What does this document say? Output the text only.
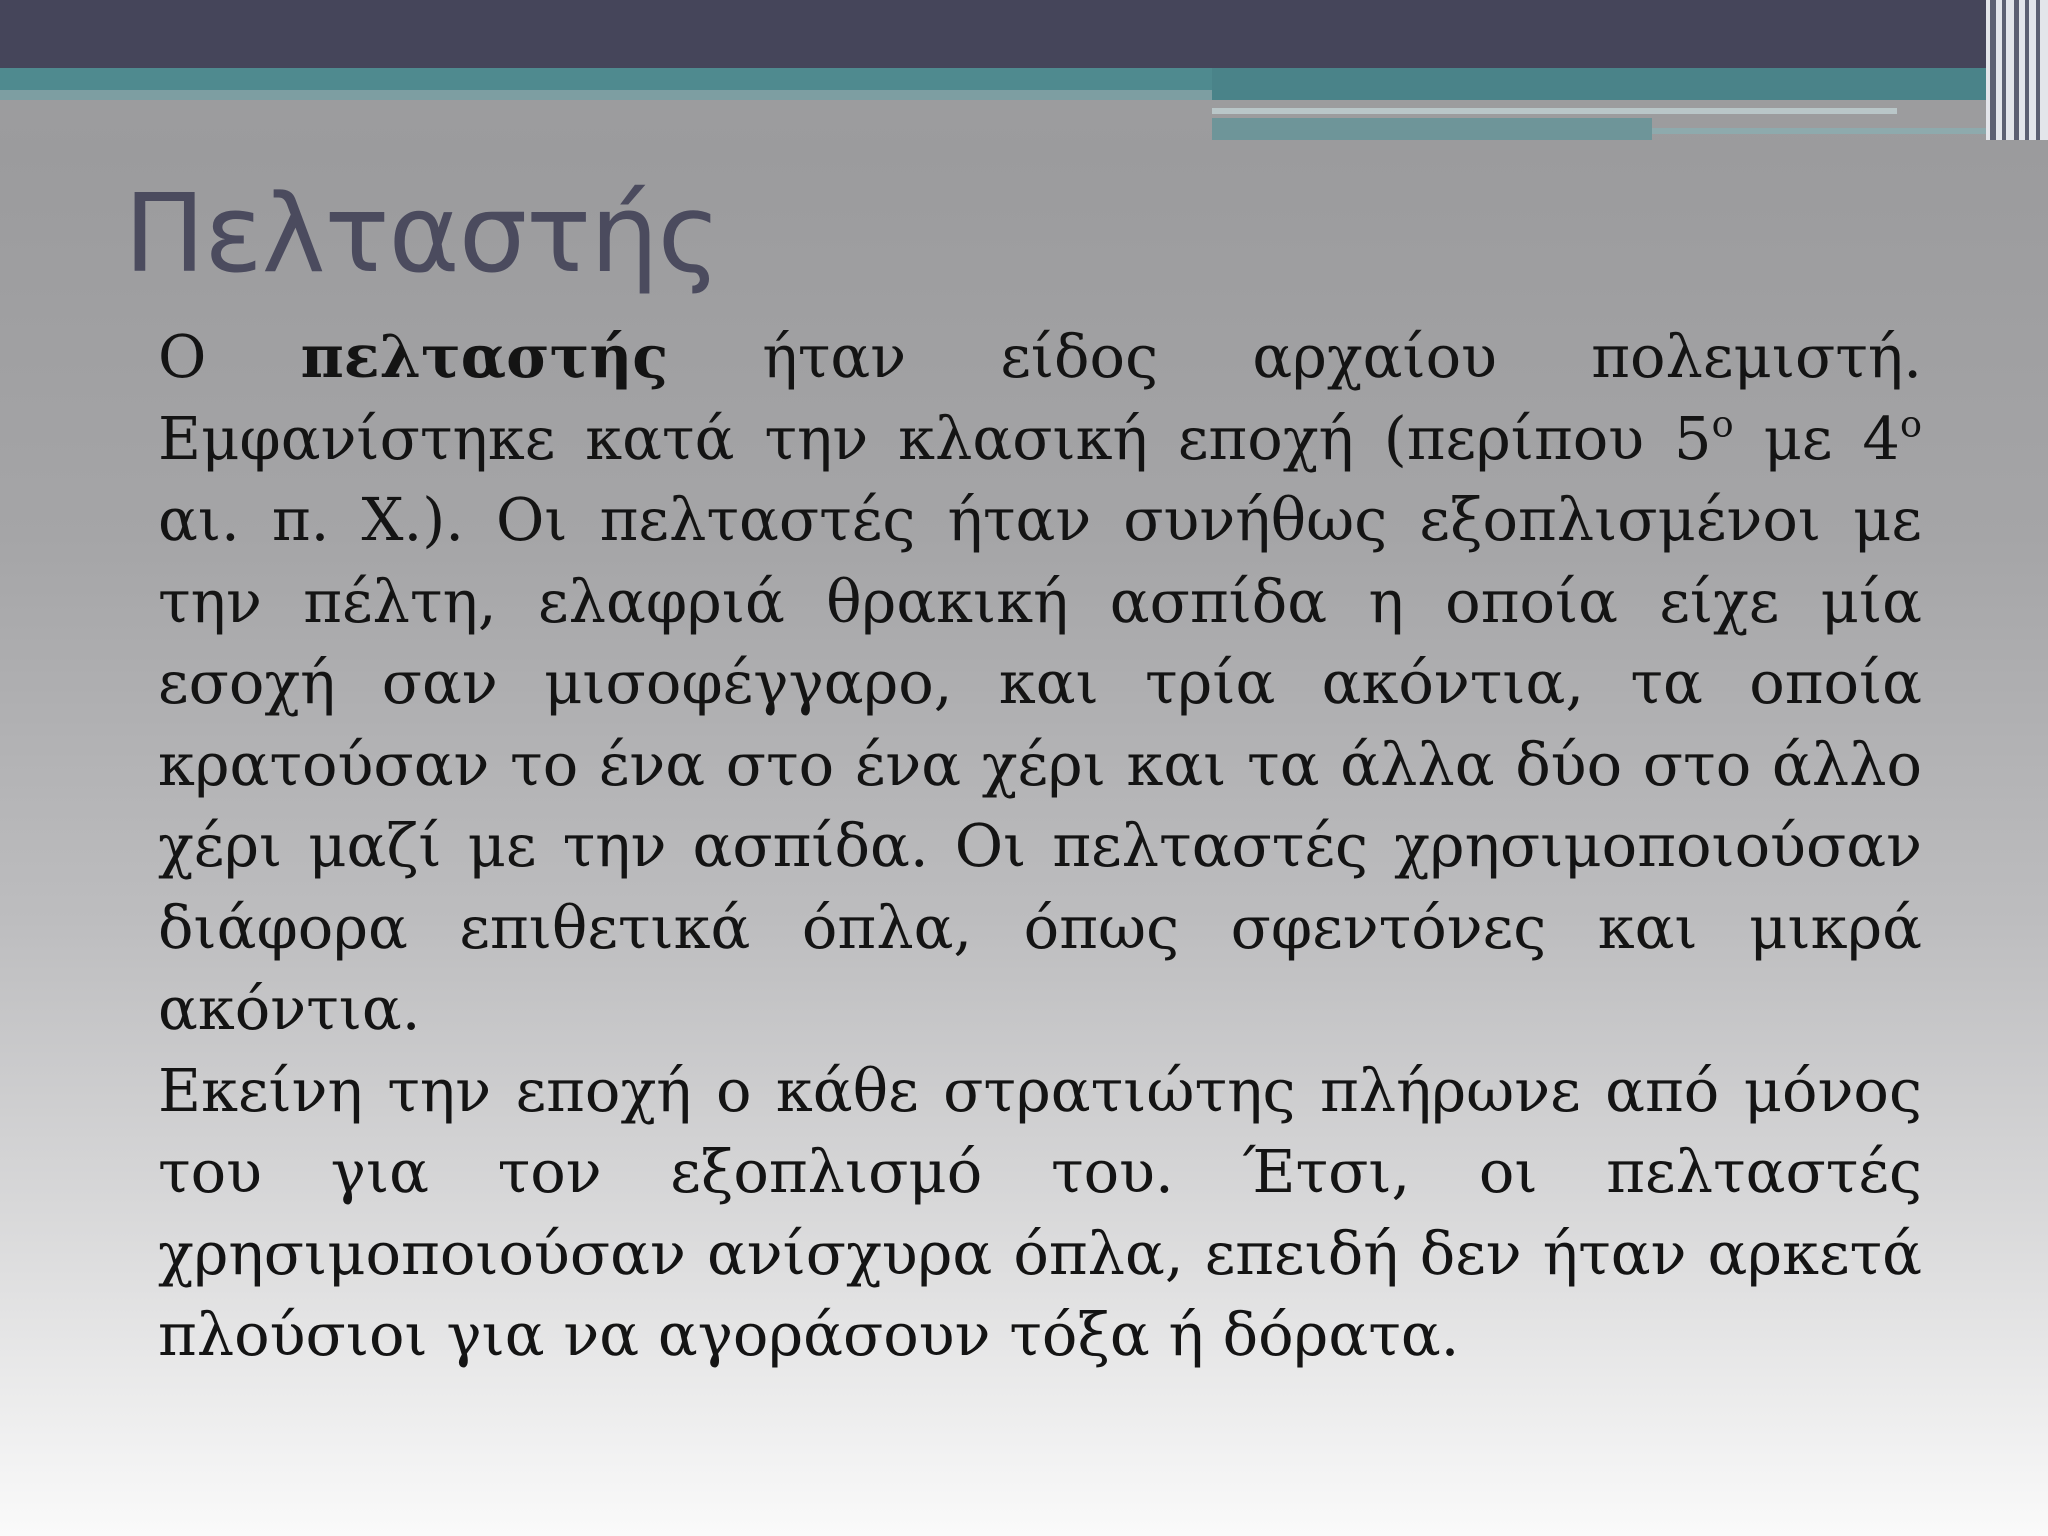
Πελταστής

Ο πελταστής ήταν είδος αρχαίου πολεμιστή. Εμφανίστηκε κατά την κλασική εποχή (περίπου $5^o$ με $4^o$ αι. π. Χ.). Οι πελταστές ήταν συνήθως εξοπλισμένοι με την πέλτη, ελαφριά θρακική ασπίδα η οποία είχε μία εσοχή σαν μισοφέγγαρο, και τρία ακόντια, τα οποία κρατούσαν το ένα στο ένα χέρι και τα άλλα δύο στο άλλο χέρι μαζί με την ασπίδα. Οι πελταστές χρησιμοποιούσαν διάφορα επιθετικά όπλα, όπως σφεντόνες και μικρά ακόντια.

Εκείνη την εποχή ο κάθε στρατιώτης πλήρωνε από μόνος του για τον εξοπλισμό του. Έτσι, οι πελταστές χρησιμοποιούσαν ανίσχυρα όπλα, επειδή δεν ήταν αρκετά πλούσιοι για να αγοράσουν τόξα ή δόρατα.
